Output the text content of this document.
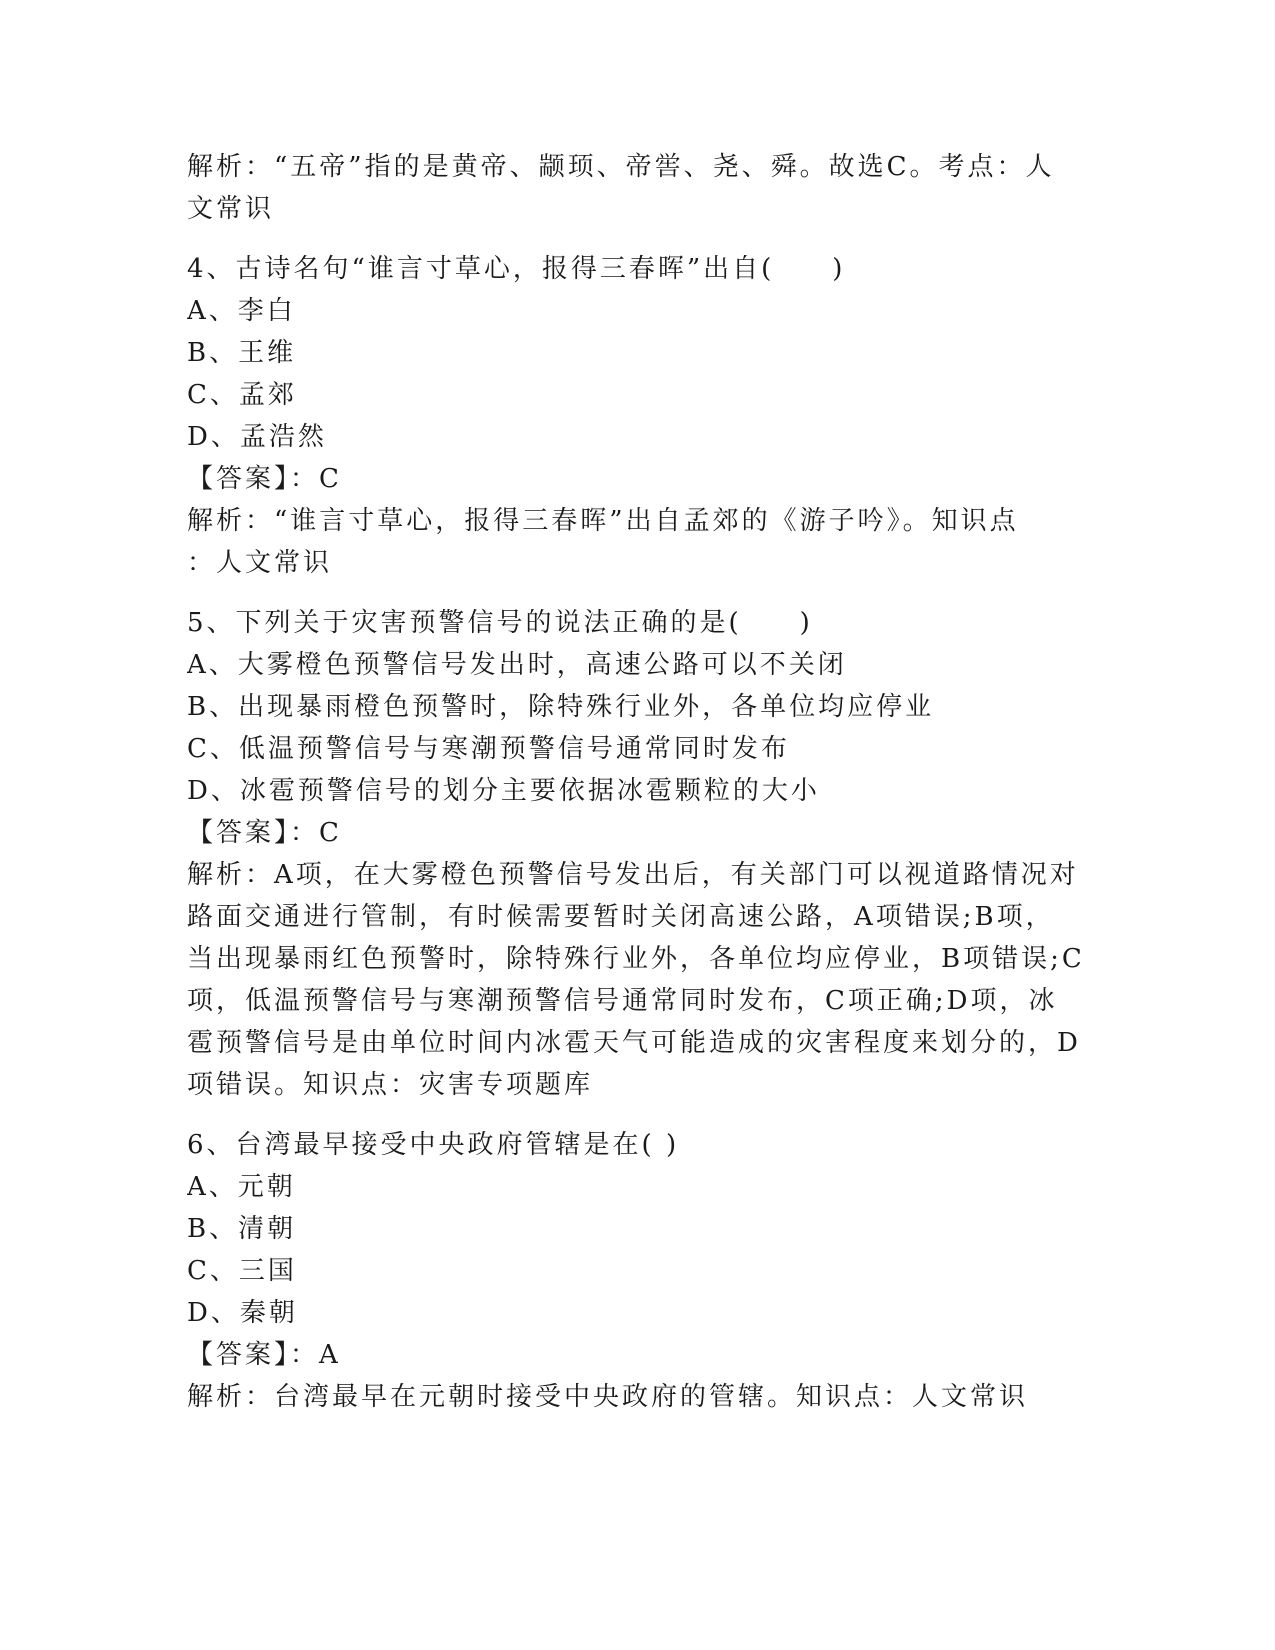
解析：“五帝”指的是黄帝、颛顼、帝喾、尧、舜。故选C。考点：人
文常识
4、古诗名句“谁言寸草心，报得三春晖”出自(　　)
A、李白
B、王维
C、孟郊
D、孟浩然
【答案】：C
解析：“谁言寸草心，报得三春晖”出自孟郊的《游子吟》。知识点
：人文常识
5、下列关于灾害预警信号的说法正确的是(　　)
A、大雾橙色预警信号发出时，高速公路可以不关闭
B、出现暴雨橙色预警时，除特殊行业外，各单位均应停业
C、低温预警信号与寒潮预警信号通常同时发布
D、冰雹预警信号的划分主要依据冰雹颗粒的大小
【答案】：C
解析：A项，在大雾橙色预警信号发出后，有关部门可以视道路情况对
路面交通进行管制，有时候需要暂时关闭高速公路，A项错误;B项，
当出现暴雨红色预警时，除特殊行业外，各单位均应停业，B项错误;C
项，低温预警信号与寒潮预警信号通常同时发布，C项正确;D项，冰
雹预警信号是由单位时间内冰雹天气可能造成的灾害程度来划分的，D
项错误。知识点：灾害专项题库
6、台湾最早接受中央政府管辖是在( )
A、元朝
B、清朝
C、三国
D、秦朝
【答案】：A
解析：台湾最早在元朝时接受中央政府的管辖。知识点：人文常识
